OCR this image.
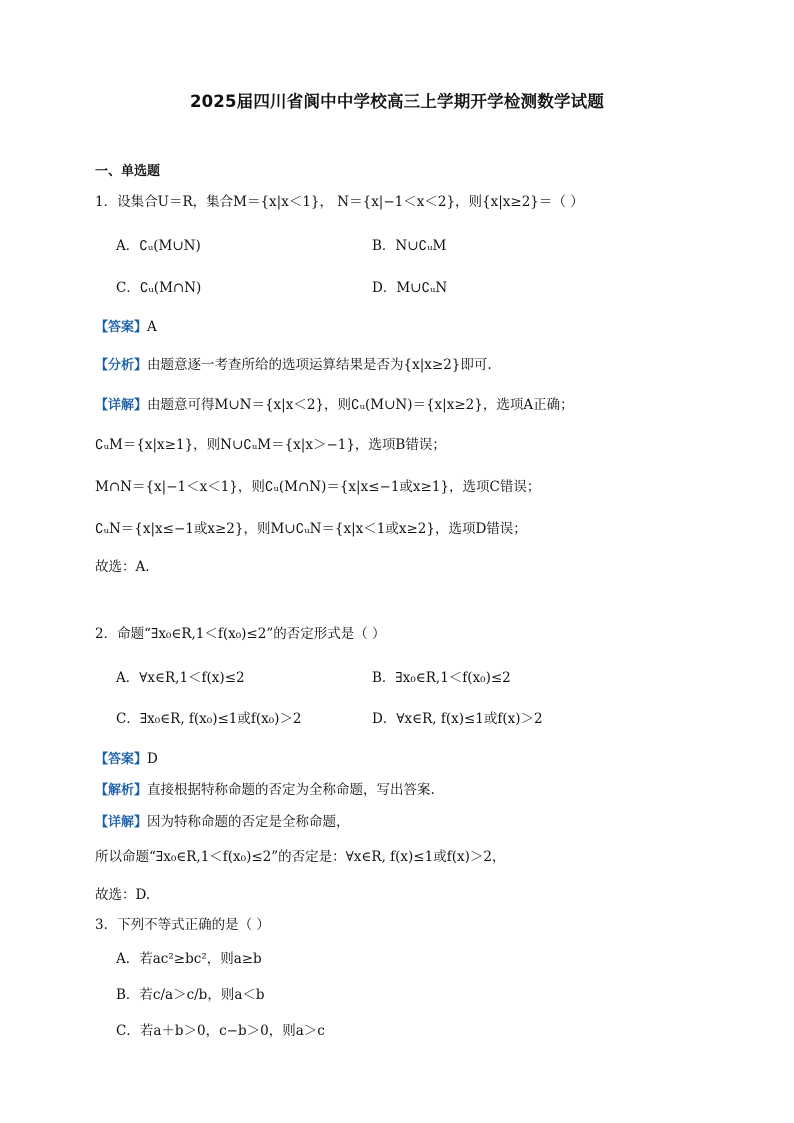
2025届四川省阆中中学校高三上学期开学检测数学试题
一、单选题
1．设集合U＝R，集合M＝{x|x＜1}， N＝{x|−1＜x＜2}，则{x|x≥2}＝（ ）
A．∁ᵤ(M∪N)	B．N∪∁ᵤM
C．∁ᵤ(M∩N)	D．M∪∁ᵤN
【答案】A
【分析】由题意逐一考查所给的选项运算结果是否为{x|x≥2}即可.
【详解】由题意可得M∪N＝{x|x＜2}，则∁ᵤ(M∪N)＝{x|x≥2}，选项A正确；
∁ᵤM＝{x|x≥1}，则N∪∁ᵤM＝{x|x＞−1}，选项B错误；
M∩N＝{x|−1＜x＜1}，则∁ᵤ(M∩N)＝{x|x≤−1或x≥1}，选项C错误；
∁ᵤN＝{x|x≤−1或x≥2}，则M∪∁ᵤN＝{x|x＜1或x≥2}，选项D错误；
故选：A.
2．命题“∃x₀∈R,1＜f(x₀)≤2”的否定形式是（ ）
A．∀x∈R,1＜f(x)≤2	B．∃x₀∈R,1＜f(x₀)≤2
C．∃x₀∈R, f(x₀)≤1或f(x₀)＞2	D．∀x∈R, f(x)≤1或f(x)＞2
【答案】D
【解析】直接根据特称命题的否定为全称命题，写出答案.
【详解】因为特称命题的否定是全称命题，
所以命题“∃x₀∈R,1＜f(x₀)≤2”的否定是：∀x∈R, f(x)≤1或f(x)＞2，
故选：D.
3．下列不等式正确的是（ ）
A．若ac²≥bc²，则a≥b
B．若c/a＞c/b，则a＜b
C．若a＋b＞0，c−b＞0，则a＞c
